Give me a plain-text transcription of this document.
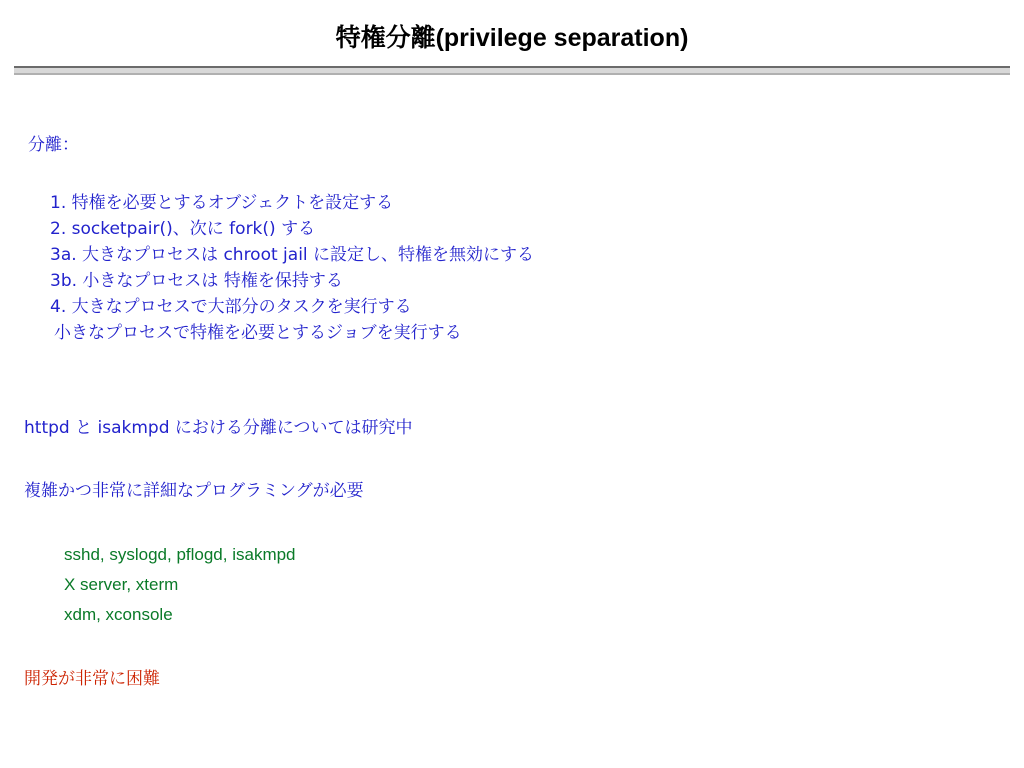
特権分離(privilege separation)
分離：
1. 特権を必要とするオブジェクトを設定する
2. socketpair()、次に fork() する
3a. 大きなプロセスは chroot jail に設定し、特権を無効にする
3b. 小きなプロセスは 特権を保持する
4. 大きなプロセスで大部分のタスクを実行する
小きなプロセスで特権を必要とするジョブを実行する
httpd と isakmpd における分離については研究中
複雑かつ非常に詳細なプログラミングが必要
sshd, syslogd, pflogd, isakmpd
X server, xterm
xdm, xconsole
開発が非常に困難
